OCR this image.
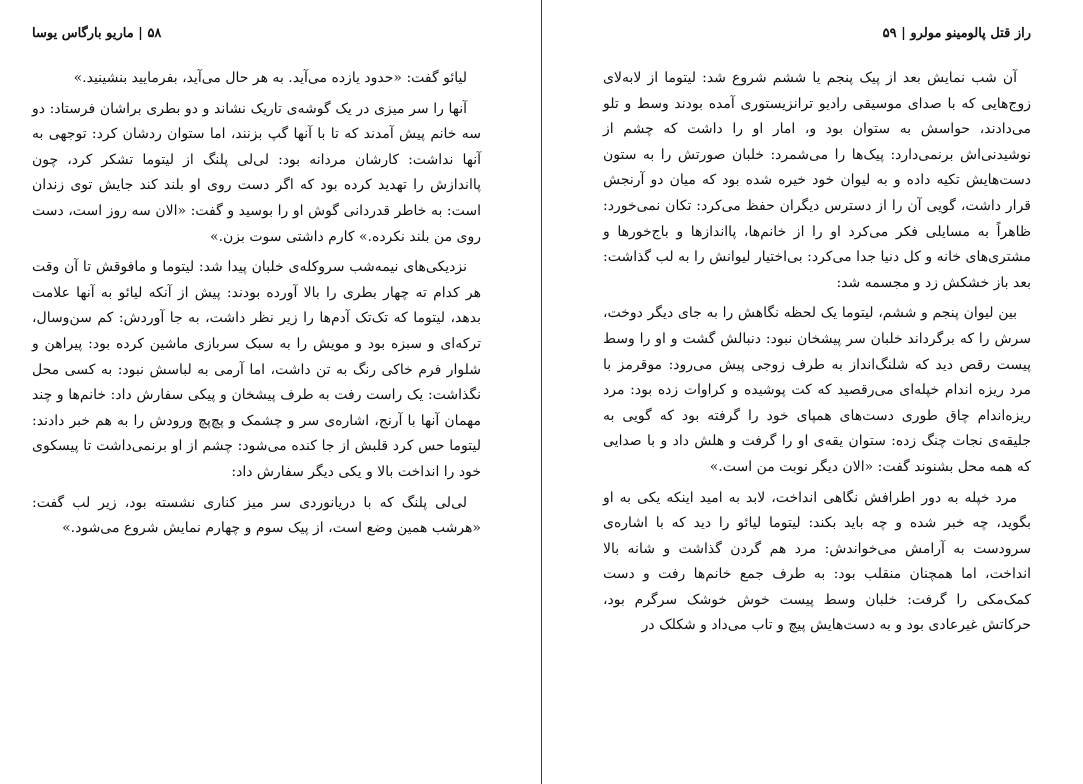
۵۸ | ماریو بارگاس یوسا

لیائو گفت: «حدود یازده می‌آید. به هر حال می‌آید، بفرمایید بنشینید.»

آنها را سر میزی در یک گوشه‌ی تاریک نشاند و دو بطری براشان فرستاد: دو سه خانم پیش آمدند که تا با آنها گپ بزنند، اما ستوان ردشان کرد: توجهی به آنها نداشت: کارشان مردانه بود: لی‌لی پلنگ از لیتوما تشکر کرد، چون پااندازش را تهدید کرده بود که اگر دست روی او بلند کند جایش توی زندان است: به خاطر قدردانی گوش او را بوسید و گفت: «الان سه روز است، دست روی من بلند نکرده.» کارم داشتی سوت بزن.»

نزدیکی‌های نیمه‌شب سروکله‌ی خلبان پیدا شد: لیتوما و مافوقش تا آن وقت هر کدام ته چهار بطری را بالا آورده بودند: پیش از آنکه لیائو به آنها علامت بدهد، لیتوما که تک‌تک آدم‌ها را زیر نظر داشت، به جا آوردش: کم سن‌وسال، ترکه‌ای و سبزه بود و مویش را به سبک سربازی ماشین کرده بود: پیراهن و شلوار فرم خاکی رنگ به تن داشت، اما آرمی به لباسش نبود: به کسی محل نگذاشت: یک راست رفت به طرف پیشخان و پیکی سفارش داد: خانم‌ها و چند مهمان آنها با آرنج، اشاره‌ی سر و چشمک و پچ‌پچ ورودش را به هم خبر دادند: لیتوما حس کرد قلبش از جا کنده می‌شود: چشم از او برنمی‌داشت تا پیسکوی خود را انداخت بالا و یکی دیگر سفارش داد:

لی‌لی پلنگ که با دریانوردی سر میز کناری نشسته بود، زیر لب گفت: «هرشب همین وضع است، از پیک سوم و چهارم نمایش شروع می‌شود.»

راز قتل پالومینو مولرو | ۵۹

آن شب نمایش بعد از پیک پنجم یا ششم شروع شد: لیتوما از لابه‌لای زوج‌هایی که با صدای موسیقی رادیو ترانزیستوری آمده بودند وسط و تلو می‌دادند، حواسش به ستوان بود و، امار او را داشت که چشم از نوشیدنی‌اش برنمی‌دارد: پیک‌ها را می‌شمرد: خلبان صورتش را به ستون دست‌هایش تکیه داده و به لیوان خود خیره شده بود که میان دو آرنجش قرار داشت، گویی آن را از دسترس دیگران حفظ می‌کرد: تکان نمی‌خورد: ظاهراً به مسایلی فکر می‌کرد او را از خانم‌ها، پااندازها و باج‌خورها و مشتری‌های خانه و کل دنیا جدا می‌کرد: بی‌اختیار لیوانش را به لب گذاشت: بعد باز خشکش زد و مجسمه شد:

بین لیوان پنجم و ششم، لیتوما یک لحظه نگاهش را به جای دیگر دوخت، سرش را که برگرداند خلبان سر پیشخان نبود: دنبالش گشت و او را وسط پیست رقص دید که شلنگ‌انداز به طرف زوجی پیش می‌رود: موقرمز با مرد ریزه اندام خپله‌ای می‌رقصید که کت پوشیده و کراوات زده بود: مرد ریزه‌اندام چاق طوری دست‌های همپای خود را گرفته بود که گویی به جلیقه‌ی نجات چنگ زده: ستوان یقه‌ی او را گرفت و هلش داد و با صدایی که همه محل بشنوند گفت: «الان دیگر نوبت من است.»

مرد خپله به دور اطرافش نگاهی انداخت، لابد به امید اینکه یکی به او بگوید، چه خبر شده و چه باید بکند: لیتوما لیائو را دید که با اشاره‌ی سرودست به آرامش می‌خواندش: مرد هم گردن گذاشت و شانه بالا انداخت، اما همچنان منقلب بود: به طرف جمع خانم‌ها رفت و دست کمک‌مکی را گرفت: خلبان وسط پیست خوش خوشک سرگرم بود، حرکاتش غیرعادی بود و به دست‌هایش پیچ و تاب می‌داد و شکلک در
